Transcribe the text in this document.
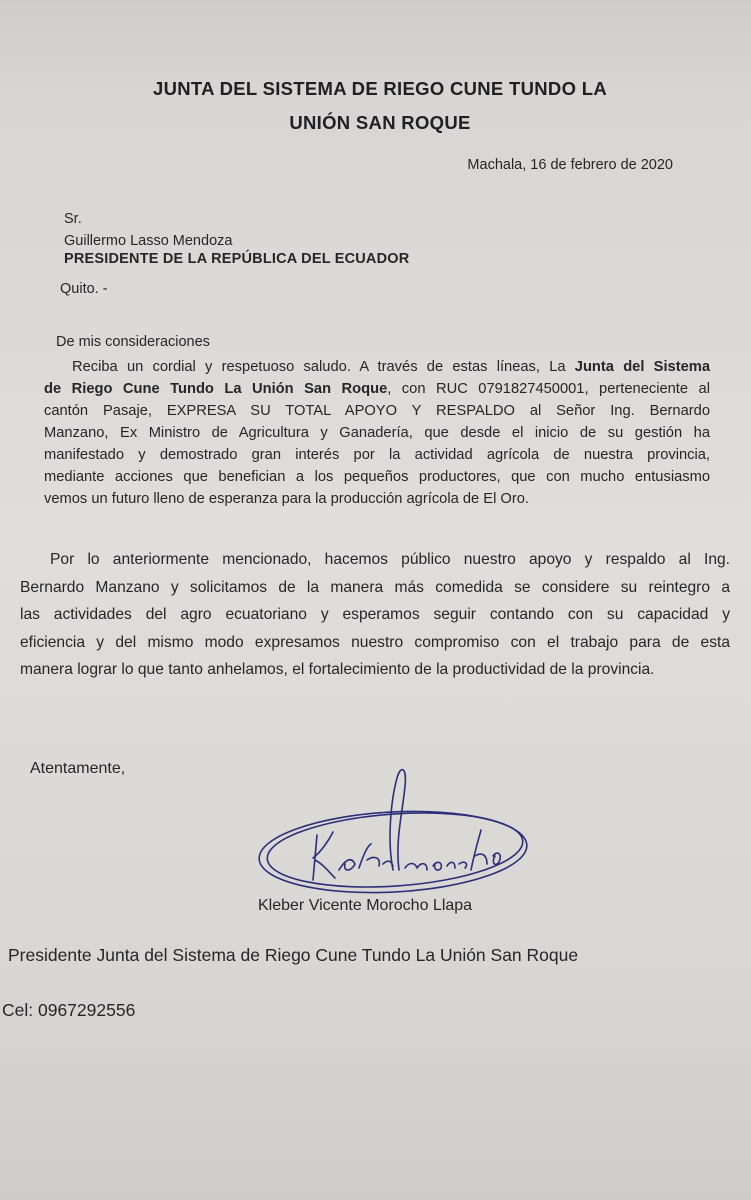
JUNTA DEL SISTEMA DE RIEGO CUNE TUNDO LA
UNIÓN SAN ROQUE
Machala, 16 de febrero de 2020
Sr.
Guillermo Lasso Mendoza
PRESIDENTE DE LA REPÚBLICA DEL ECUADOR
Quito. -
De mis consideraciones
Reciba un cordial y respetuoso saludo. A través de estas líneas, La Junta del Sistema
de Riego Cune Tundo La Unión San Roque, con RUC 0791827450001, perteneciente al
cantón Pasaje, EXPRESA SU TOTAL APOYO Y RESPALDO al Señor Ing. Bernardo
Manzano, Ex Ministro de Agricultura y Ganadería, que desde el inicio de su gestión ha
manifestado y demostrado gran interés por la actividad agrícola de nuestra provincia,
mediante acciones que benefician a los pequeños productores, que con mucho entusiasmo
vemos un futuro lleno de esperanza para la producción agrícola de El Oro.
Por lo anteriormente mencionado, hacemos público nuestro apoyo y respaldo al Ing.
Bernardo Manzano y solicitamos de la manera más comedida se considere su reintegro a
las actividades del agro ecuatoriano y esperamos seguir contando con su capacidad y
eficiencia y del mismo modo expresamos nuestro compromiso con el trabajo para de esta
manera lograr lo que tanto anhelamos, el fortalecimiento de la productividad de la provincia.
Atentamente,
Kleber Vicente Morocho Llapa
Presidente Junta del Sistema de Riego Cune Tundo La Unión San Roque
Cel: 0967292556
